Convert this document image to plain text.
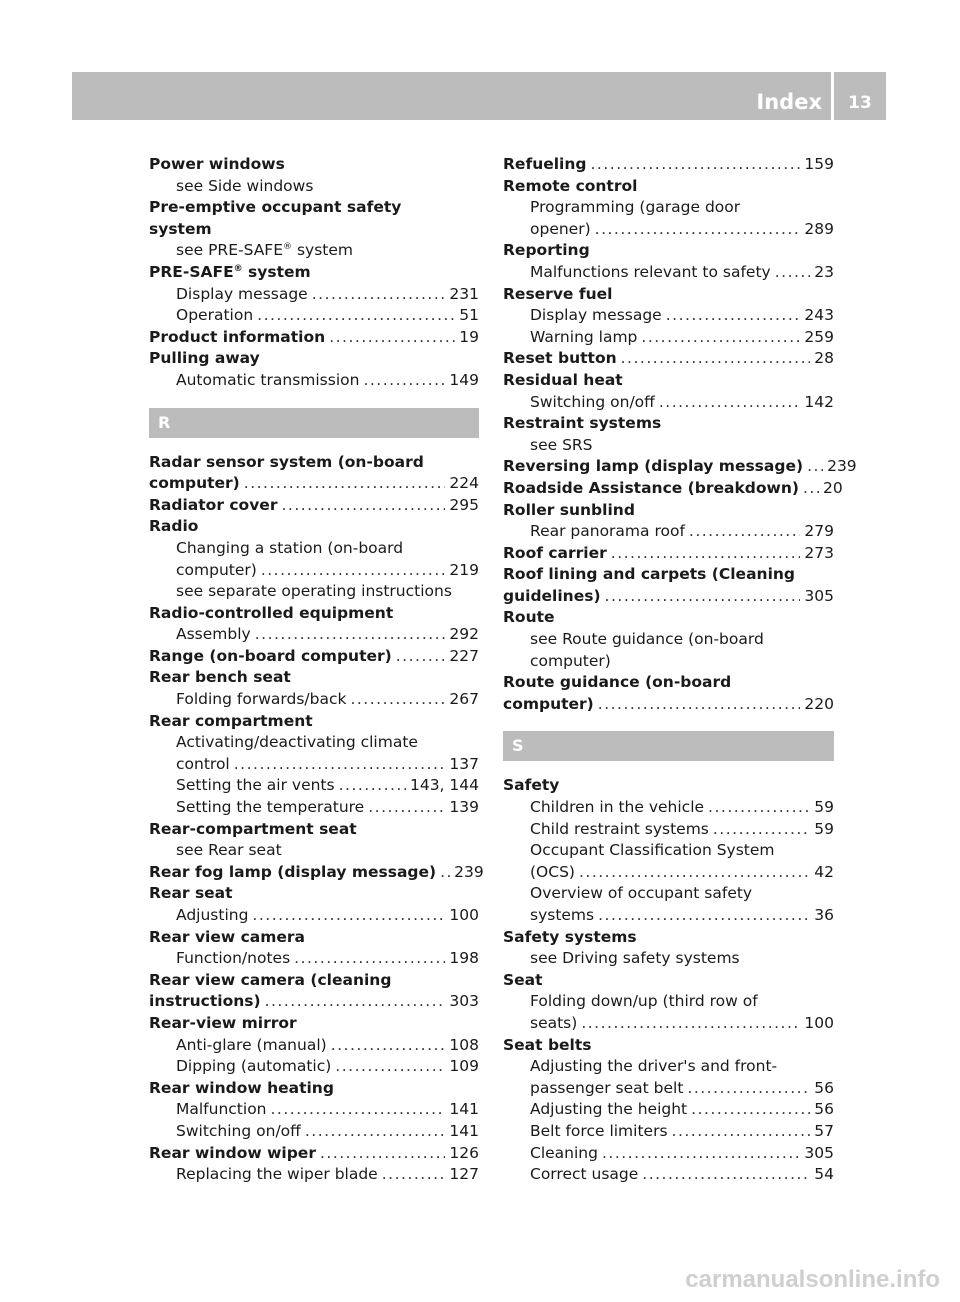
Index	13
Power windows
see Side windows
Pre-emptive occupant safety
system
see PRE-SAFE® system
PRE-SAFE® system
Display message .....	231
Operation .....	51
Product information .....	19
Pulling away
Automatic transmission .....	149
R
Radar sensor system (on-board
computer) .....	224
Radiator cover .....	295
Radio
Changing a station (on-board
computer) .....	219
see separate operating instructions
Radio-controlled equipment
Assembly .....	292
Range (on-board computer) .....	227
Rear bench seat
Folding forwards/back .....	267
Rear compartment
Activating/deactivating climate
control .....	137
Setting the air vents .....	143, 144
Setting the temperature .....	139
Rear-compartment seat
see Rear seat
Rear fog lamp (display message) ..... 239
Rear seat
Adjusting .....	100
Rear view camera
Function/notes .....	198
Rear view camera (cleaning
instructions) .....	303
Rear-view mirror
Anti-glare (manual) .....	108
Dipping (automatic) .....	109
Rear window heating
Malfunction .....	141
Switching on/off .....	141
Rear window wiper .....	126
Replacing the wiper blade .....	127
Refueling .....	159
Remote control
Programming (garage door
opener) .....	289
Reporting
Malfunctions relevant to safety .....	23
Reserve fuel
Display message .....	243
Warning lamp .....	259
Reset button .....	28
Residual heat
Switching on/off .....	142
Restraint systems
see SRS
Reversing lamp (display message) ..... 239
Roadside Assistance (breakdown) ..... 20
Roller sunblind
Rear panorama roof .....	279
Roof carrier .....	273
Roof lining and carpets (Cleaning
guidelines) .....	305
Route
see Route guidance (on-board
computer)
Route guidance (on-board
computer) .....	220
S
Safety
Children in the vehicle .....	59
Child restraint systems .....	59
Occupant Classification System
(OCS) .....	42
Overview of occupant safety
systems .....	36
Safety systems
see Driving safety systems
Seat
Folding down/up (third row of
seats) .....	100
Seat belts
Adjusting the driver's and front-
passenger seat belt .....	56
Adjusting the height .....	56
Belt force limiters .....	57
Cleaning .....	305
Correct usage .....	54
carmanualsonline.info
